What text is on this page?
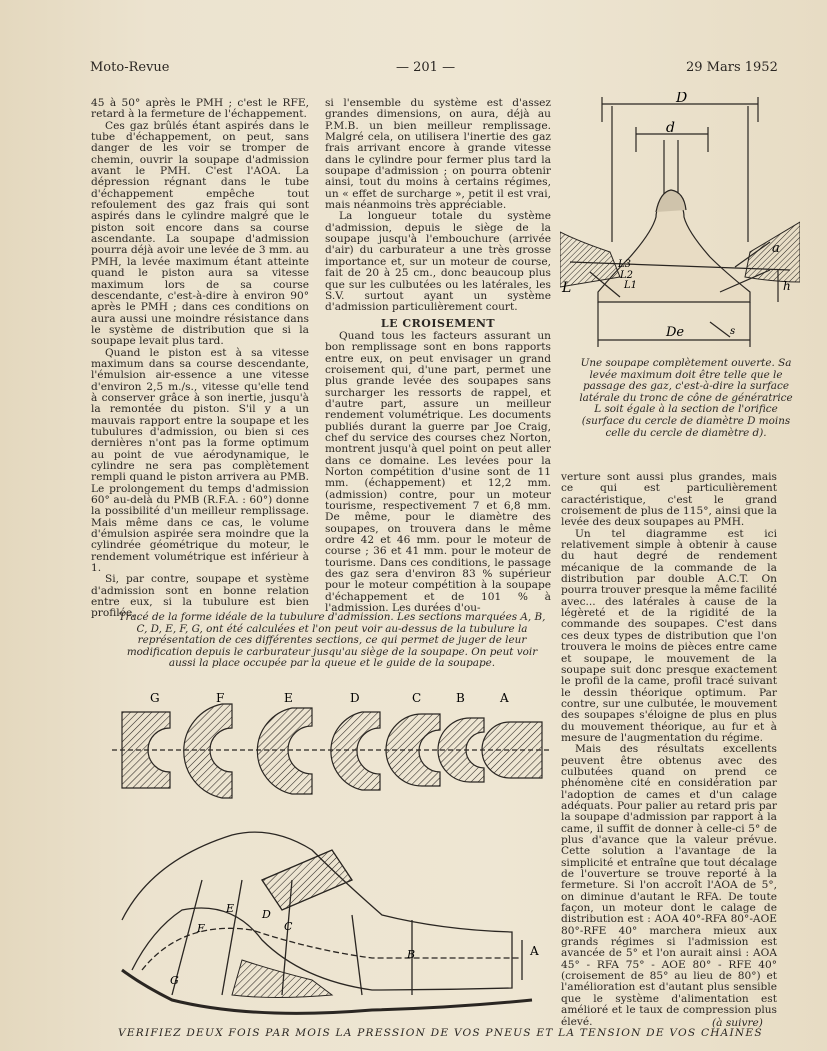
Moto-Revue	— 201 —	29 Mars 1952

45 à 50° après le PMH ; c'est le RFE, retard à la fermeture de l'échappement.

Ces gaz brûlés étant aspirés dans le tube d'échappement, on peut, sans danger de les voir se tromper de chemin, ouvrir la soupape d'admission avant le PMH. C'est l'AOA. La dépression régnant dans le tube d'échappement empêche tout refoulement des gaz frais qui sont aspirés dans le cylindre malgré que le piston soit encore dans sa course ascendante. La soupape d'admission pourra déjà avoir une levée de 3 mm. au PMH, la levée maximum étant atteinte quand le piston aura sa vitesse maximum lors de sa course descendante, c'est-à-dire à environ 90° après le PMH ; dans ces conditions on aura aussi une moindre résistance dans le système de distribution que si la soupape levait plus tard.

Quand le piston est à sa vitesse maximum dans sa course descendante, l'émulsion air-essence a une vitesse d'environ 2,5 m./s., vitesse qu'elle tend à conserver grâce à son inertie, jusqu'à la remontée du piston. S'il y a un mauvais rapport entre la soupape et les tubulures d'admission, ou bien si ces dernières n'ont pas la forme optimum au point de vue aérodynamique, le cylindre ne sera pas complètement rempli quand le piston arrivera au PMB. Le prolongement du temps d'admission 60° au-delà du PMB (R.F.A. : 60°) donne la possibilité d'un meilleur remplissage. Mais même dans ce cas, le volume d'émulsion aspirée sera moindre que la cylindrée géométrique du moteur, le rendement volumétrique est inférieur à 1.

Si, par contre, soupape et système d'admission sont en bonne relation entre eux, si la tubulure est bien profilée,

si l'ensemble du système est d'assez grandes dimensions, on aura, déjà au P.M.B. un bien meilleur remplissage. Malgré cela, on utilisera l'inertie des gaz frais arrivant encore à grande vitesse dans le cylindre pour fermer plus tard la soupape d'admission ; on pourra obtenir ainsi, tout du moins à certains régimes, un « effet de surcharge », petit il est vrai, mais néanmoins très appréciable.

La longueur totale du système d'admission, depuis le siège de la soupape jusqu'à l'embouchure (arrivée d'air) du carburateur a une très grosse importance et, sur un moteur de course, fait de 20 à 25 cm., donc beaucoup plus que sur les culbutées ou les latérales, les S.V. surtout ayant un système d'admission particulièrement court.

LE CROISEMENT

Quand tous les facteurs assurant un bon remplissage sont en bons rapports entre eux, on peut envisager un grand croisement qui, d'une part, permet une plus grande levée des soupapes sans surcharger les ressorts de rappel, et d'autre part, assure un meilleur rendement volumétrique. Les documents publiés durant la guerre par Joe Craig, chef du service des courses chez Norton, montrent jusqu'à quel point on peut aller dans ce domaine. Les levées pour la Norton compétition d'usine sont de 11 mm. (échappement) et 12,2 mm. (admission) contre, pour un moteur tourisme, respectivement 7 et 6,8 mm. De même, pour le diamètre des soupapes, on trouvera dans le même ordre 42 et 46 mm. pour le moteur de course ; 36 et 41 mm. pour le moteur de tourisme. Dans ces conditions, le passage des gaz sera d'environ 83 % supérieur pour le moteur compétition à la soupape d'échappement et de 101 % à l'admission. Les durées d'ou-

D
d
a
L
L3
L2
L1	h
De	s
Une soupape complètement ouverte. Sa levée maximum doit être telle que le passage des gaz, c'est-à-dire la surface latérale du tronc de cône de génératrice L soit égale à la section de l'orifice (surface du cercle de diamètre D moins celle du cercle de diamètre d).

verture sont aussi plus grandes, mais ce qui est particulièrement caractéristique, c'est le grand croisement de plus de 115°, ainsi que la levée des deux soupapes au PMH.

Un tel diagramme est ici relativement simple à obtenir à cause du haut degré de rendement mécanique de la commande de la distribution par double A.C.T. On pourra trouver presque la même facilité avec... des latérales à cause de la légèreté et de la rigidité de la commande des soupapes. C'est dans ces deux types de distribution que l'on trouvera le moins de pièces entre came et soupape, le mouvement de la soupape suit donc presque exactement le profil de la came, profil tracé suivant le dessin théorique optimum. Par contre, sur une culbutée, le mouvement des soupapes s'éloigne de plus en plus du mouvement théorique, au fur et à mesure de l'augmentation du régime.

Mais des résultats excellents peuvent être obtenus avec des culbutées quand on prend ce phénomène cité en considération par l'adoption de cames et d'un calage adéquats. Pour palier au retard pris par la soupape d'admission par rapport à la came, il suffit de donner à celle-ci 5° de plus d'avance que la valeur prévue. Cette solution a l'avantage de la simplicité et entraîne que tout décalage de l'ouverture se trouve reporté à la fermeture. Si l'on accroît l'AOA de 5°, on diminue d'autant le RFA. De toute façon, un moteur dont le calage de distribution est : AOA 40°-RFA 80°-AOE 80°-RFE 40° marchera mieux aux grands régimes si l'admission est avancée de 5° et l'on aurait ainsi : AOA 45° - RFA 75° - AOE 80° - RFE 40° (croisement de 85° au lieu de 80°) et l'amélioration est d'autant plus sensible que le système d'alimentation est amélioré et le taux de compression plus élevé.	(à suivre)
Tracé de la forme idéale de la tubulure d'admission. Les sections marquées A, B, C, D, E, F, G, ont été calculées et l'on peut voir au-dessus de la tubulure la représentation de ces différentes sections, ce qui permet de juger de leur modification depuis le carburateur jusqu'au siège de la soupape. On peut voir aussi la place occupée par la queue et le guide de la soupape.
G	F	E	D	C	B	A
A
B
C
D
E
F
G
VERIFIEZ DEUX FOIS PAR MOIS LA PRESSION DE VOS PNEUS ET LA TENSION DE VOS CHAINES
